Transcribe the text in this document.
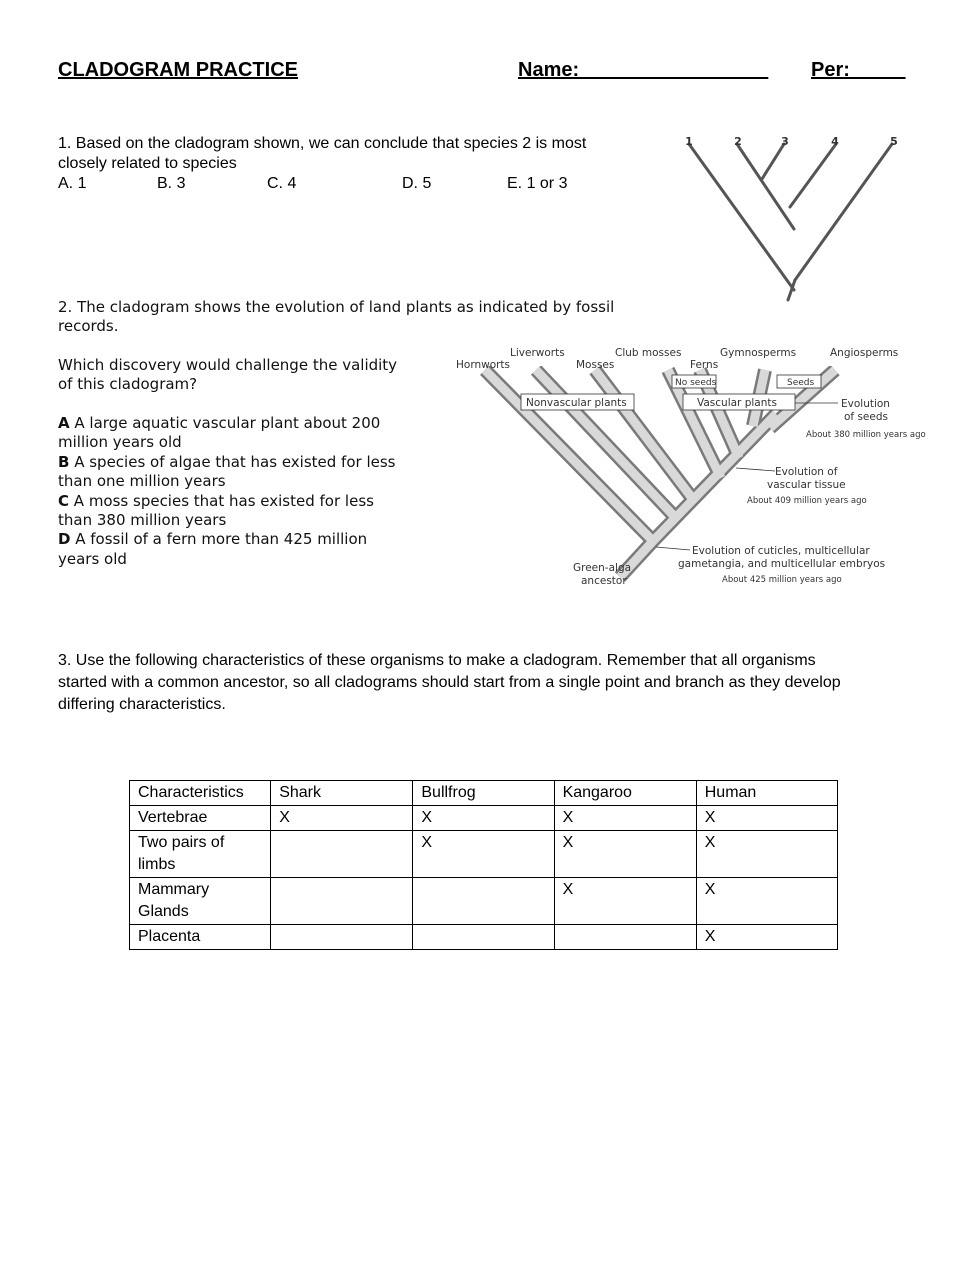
CLADOGRAM PRACTICE	Name:_________________ Per:_____
1. Based on the cladogram shown, we can conclude that species 2 is most
closely related to species
A. 1	B. 3	C. 4	D. 5	E. 1 or 3
1	2	3	4	5
2. The cladogram shows the evolution of land plants as indicated by fossil
records.
Which discovery would challenge the validity
of this cladogram?
A A large aquatic vascular plant about 200
million years old
B A species of algae that has existed for less
than one million years
C A moss species that has existed for less
than 380 million years
D A fossil of a fern more than 425 million
years old
Hornworts
Liverworts
Mosses
Club mosses
Ferns
Gymnosperms	Angiosperms
No seeds	Seeds
Nonvascular plants	Vascular plants	Evolution
of seeds
Evolution of
vascular tissue
Evolution of cuticles, multicellular
gametangia, and multicellular embryos
Green-alga
ancestor
About 380 million years ago
About 409 million years ago
About 425 million years ago
3. Use the following characteristics of these organisms to make a cladogram. Remember that all organisms
started with a common ancestor, so all cladograms should start from a single point and branch as they develop
differing characteristics.
Characteristics	Shark	Bullfrog	Kangaroo	Human
Vertebrae	X	X	X	X
Two pairs of limbs		X	X	X
Mammary Glands			X	X
Placenta				X
